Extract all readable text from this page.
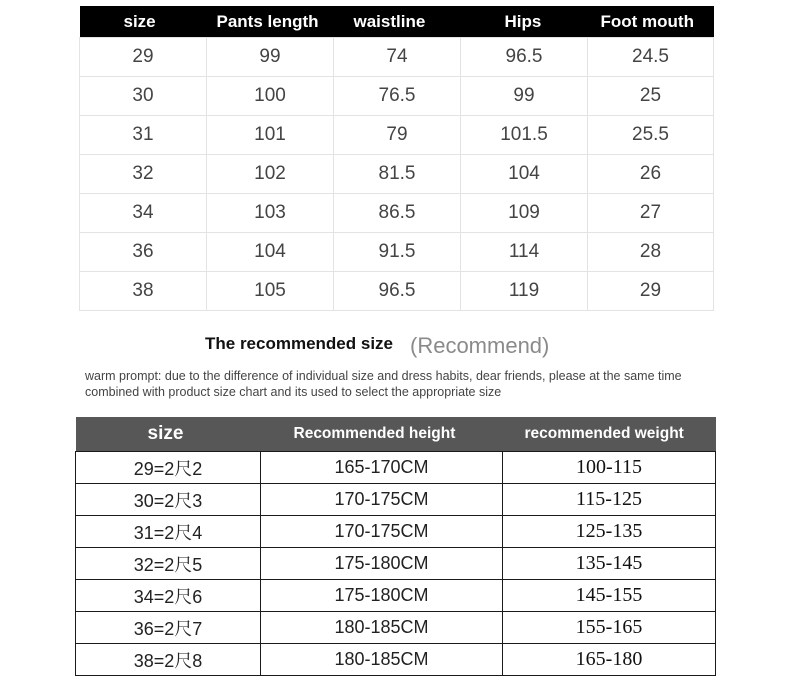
size	Pants length	waistline	Hips	Foot mouth
29	99	74	96.5	24.5
30	100	76.5	99	25
31	101	79	101.5	25.5
32	102	81.5	104	26
34	103	86.5	109	27
36	104	91.5	114	28
38	105	96.5	119	29
The recommended size (Recommend)
warm prompt: due to the difference of individual size and dress habits, dear friends, please at the same time combined with product size chart and its used to select the appropriate size
size	Recommended height	recommended weight
29=2尺2	165-170CM	100-115
30=2尺3	170-175CM	115-125
31=2尺4	170-175CM	125-135
32=2尺5	175-180CM	135-145
34=2尺6	175-180CM	145-155
36=2尺7	180-185CM	155-165
38=2尺8	180-185CM	165-180
